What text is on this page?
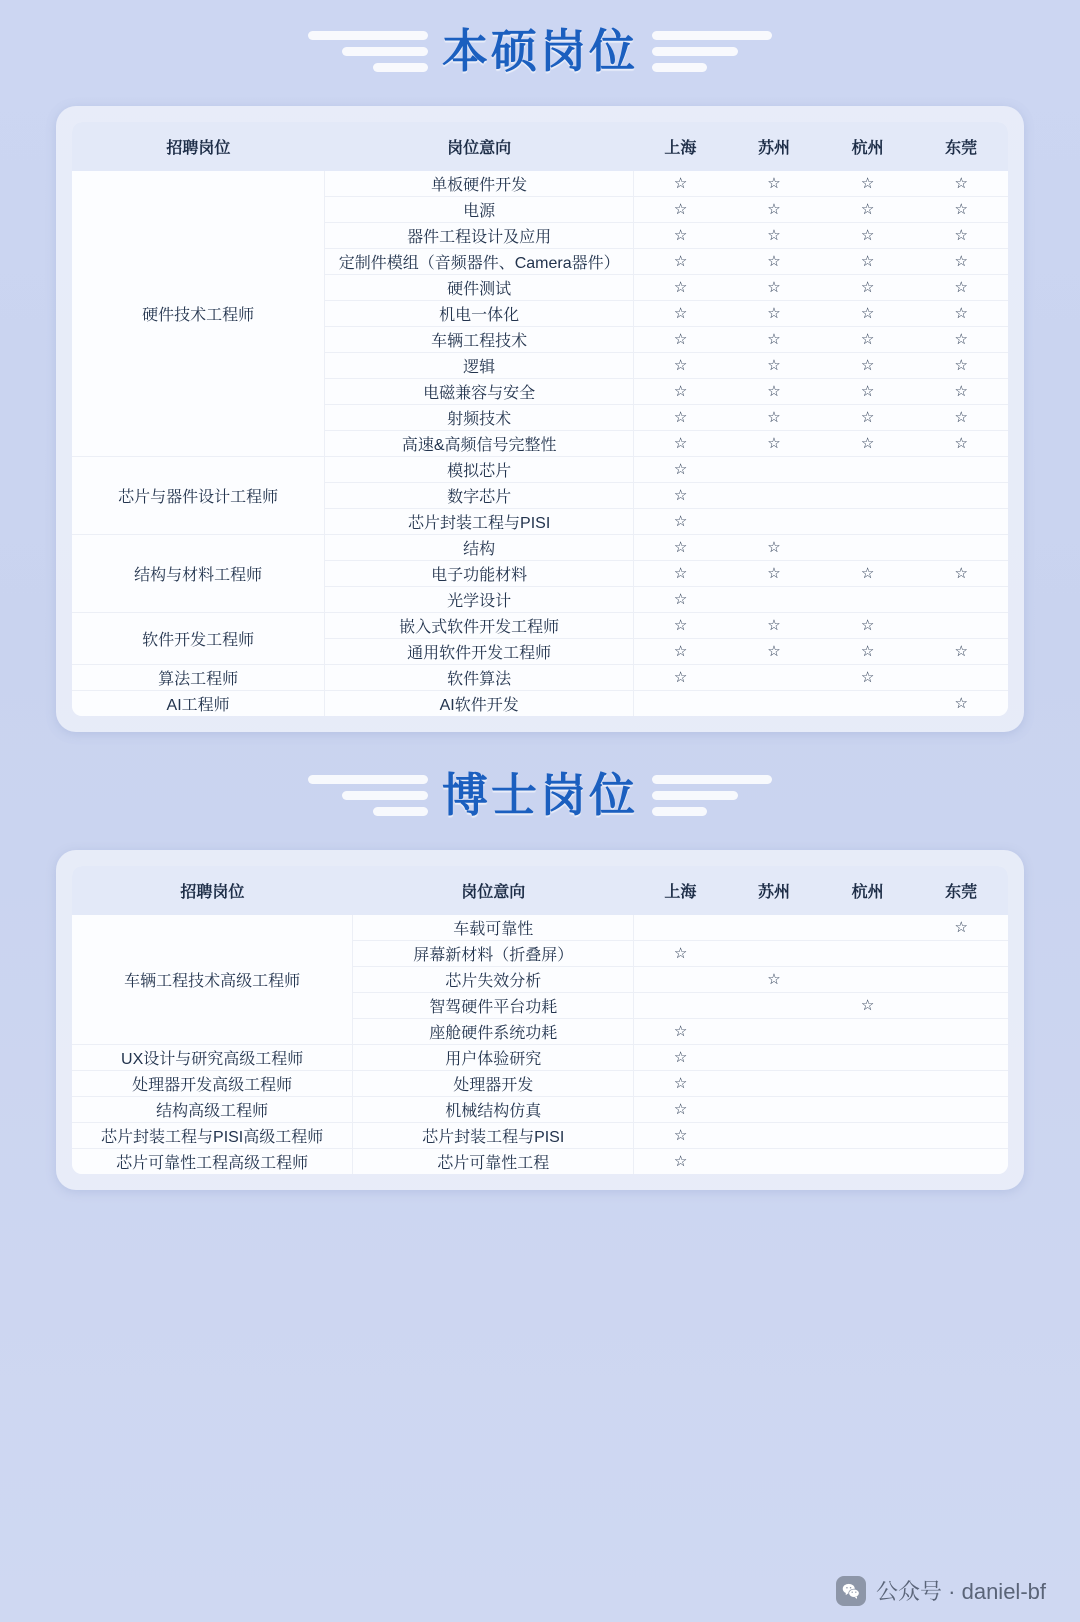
本硕岗位
招聘岗位	岗位意向	上海	苏州	杭州	东莞
硬件技术工程师	单板硬件开发	☆	☆	☆	☆
	电源	☆	☆	☆	☆
	器件工程设计及应用	☆	☆	☆	☆
	定制件模组（音频器件、Camera器件）	☆	☆	☆	☆
	硬件测试	☆	☆	☆	☆
	机电一体化	☆	☆	☆	☆
	车辆工程技术	☆	☆	☆	☆
	逻辑	☆	☆	☆	☆
	电磁兼容与安全	☆	☆	☆	☆
	射频技术	☆	☆	☆	☆
	高速&高频信号完整性	☆	☆	☆	☆
芯片与器件设计工程师	模拟芯片	☆			
	数字芯片	☆			
	芯片封装工程与PISI	☆			
结构与材料工程师	结构	☆	☆		
	电子功能材料	☆	☆	☆	☆
	光学设计	☆			
软件开发工程师	嵌入式软件开发工程师	☆	☆	☆	
	通用软件开发工程师	☆	☆	☆	☆
算法工程师	软件算法	☆		☆	
AI工程师	AI软件开发				☆
博士岗位
招聘岗位	岗位意向	上海	苏州	杭州	东莞
车辆工程技术高级工程师	车载可靠性				☆
	屏幕新材料（折叠屏）	☆			
	芯片失效分析		☆		
	智驾硬件平台功耗			☆	
	座舱硬件系统功耗	☆			
UX设计与研究高级工程师	用户体验研究	☆			
处理器开发高级工程师	处理器开发	☆			
结构高级工程师	机械结构仿真	☆			
芯片封装工程与PISI高级工程师	芯片封装工程与PISI	☆			
芯片可靠性工程高级工程师	芯片可靠性工程	☆			
公众号 · daniel-bf
